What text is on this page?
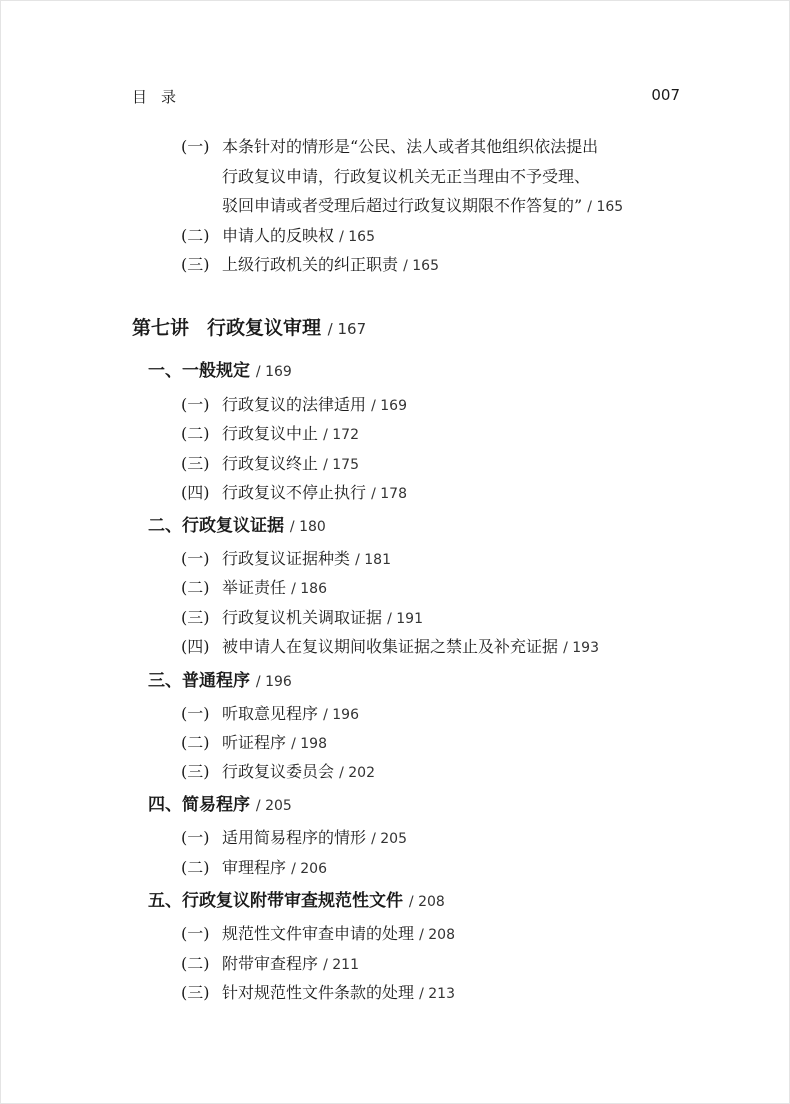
目录	007
(一) 本条针对的情形是“公民、法人或者其他组织依法提出
行政复议申请，行政复议机关无正当理由不予受理、
驳回申请或者受理后超过行政复议期限不作答复的” / 165
(二) 申请人的反映权 / 165
(三) 上级行政机关的纠正职责 / 165
第七讲 行政复议审理 / 167
一、一般规定 / 169
(一) 行政复议的法律适用 / 169
(二) 行政复议中止 / 172
(三) 行政复议终止 / 175
(四) 行政复议不停止执行 / 178
二、行政复议证据 / 180
(一) 行政复议证据种类 / 181
(二) 举证责任 / 186
(三) 行政复议机关调取证据 / 191
(四) 被申请人在复议期间收集证据之禁止及补充证据 / 193
三、普通程序 / 196
(一) 听取意见程序 / 196
(二) 听证程序 / 198
(三) 行政复议委员会 / 202
四、简易程序 / 205
(一) 适用简易程序的情形 / 205
(二) 审理程序 / 206
五、行政复议附带审查规范性文件 / 208
(一) 规范性文件审查申请的处理 / 208
(二) 附带审查程序 / 211
(三) 针对规范性文件条款的处理 / 213
